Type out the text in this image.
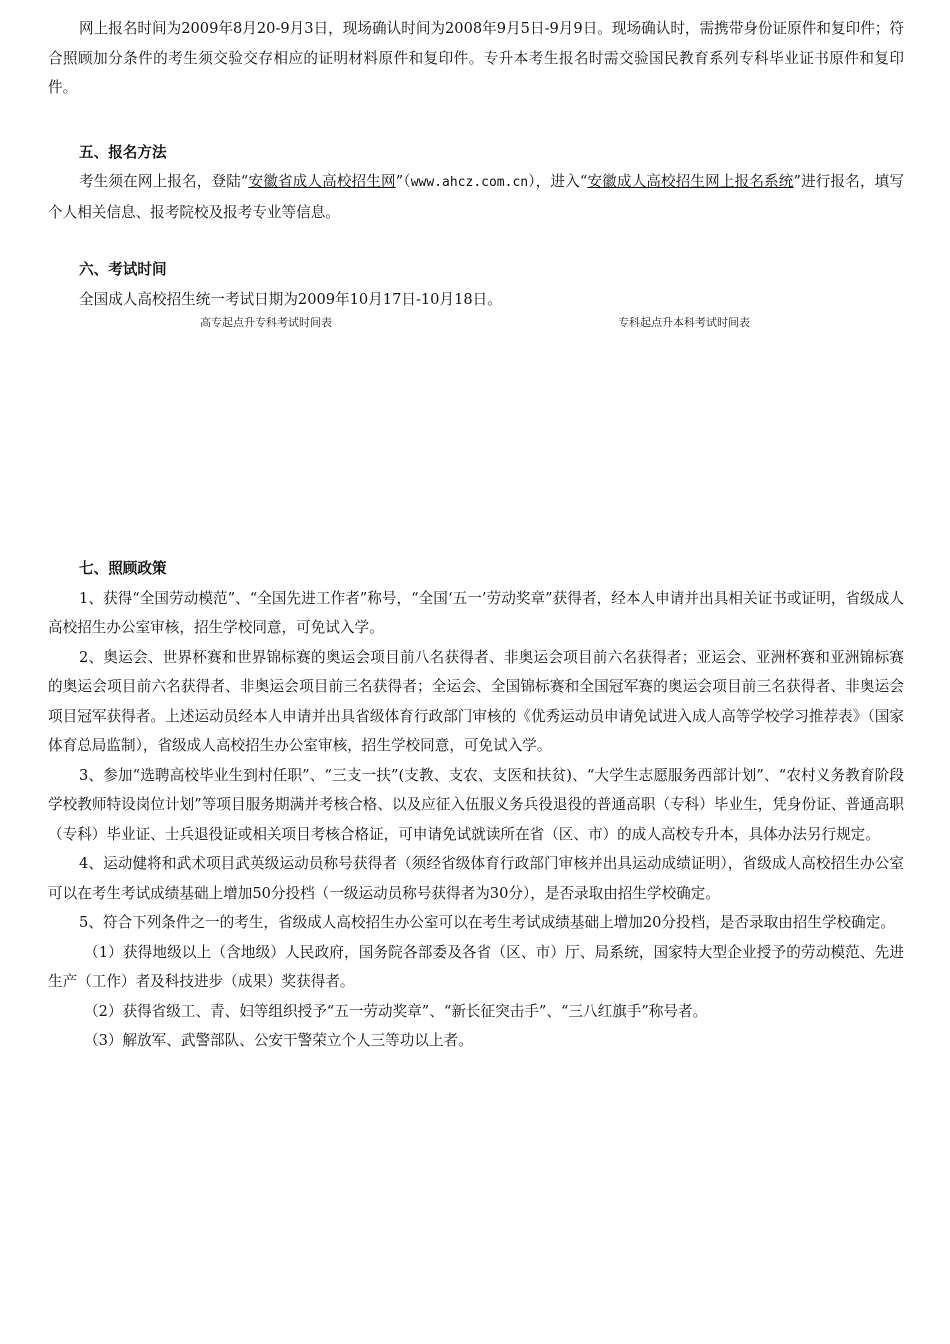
网上报名时间为2009年8月20-9月3日，现场确认时间为2008年9月5日-9月9日。现场确认时，需携带身份证原件和复印件；符合照顾加分条件的考生须交验交存相应的证明材料原件和复印件。专升本考生报名时需交验国民教育系列专科毕业证书原件和复印件。

五、报名方法

考生须在网上报名，登陆“安徽省成人高校招生网”（www.ahcz.com.cn），进入“安徽成人高校招生网上报名系统”进行报名，填写个人相关信息、报考院校及报考专业等信息。

六、考试时间

全国成人高校招生统一考试日期为2009年10月17日-10月18日。

高专起点升专科考试时间表	专科起点升本科考试时间表
七、照顾政策

1、获得“全国劳动模范”、“全国先进工作者”称号，“全国‘五一’劳动奖章”获得者，经本人申请并出具相关证书或证明，省级成人高校招生办公室审核，招生学校同意，可免试入学。

2、奥运会、世界杯赛和世界锦标赛的奥运会项目前八名获得者、非奥运会项目前六名获得者；亚运会、亚洲杯赛和亚洲锦标赛的奥运会项目前六名获得者、非奥运会项目前三名获得者；全运会、全国锦标赛和全国冠军赛的奥运会项目前三名获得者、非奥运会项目冠军获得者。上述运动员经本人申请并出具省级体育行政部门审核的《优秀运动员申请免试进入成人高等学校学习推荐表》（国家体育总局监制），省级成人高校招生办公室审核，招生学校同意，可免试入学。

3、参加“选聘高校毕业生到村任职”、“三支一扶”(支教、支农、支医和扶贫)、“大学生志愿服务西部计划”、“农村义务教育阶段学校教师特设岗位计划”等项目服务期满并考核合格、以及应征入伍服义务兵役退役的普通高职（专科）毕业生，凭身份证、普通高职（专科）毕业证、士兵退役证或相关项目考核合格证，可申请免试就读所在省（区、市）的成人高校专升本，具体办法另行规定。

4、运动健将和武术项目武英级运动员称号获得者（须经省级体育行政部门审核并出具运动成绩证明），省级成人高校招生办公室可以在考生考试成绩基础上增加50分投档（一级运动员称号获得者为30分），是否录取由招生学校确定。

5、符合下列条件之一的考生，省级成人高校招生办公室可以在考生考试成绩基础上增加20分投档，是否录取由招生学校确定。

（1）获得地级以上（含地级）人民政府，国务院各部委及各省（区、市）厅、局系统，国家特大型企业授予的劳动模范、先进生产（工作）者及科技进步（成果）奖获得者。

（2）获得省级工、青、妇等组织授予“五一劳动奖章”、“新长征突击手”、“三八红旗手”称号者。

（3）解放军、武警部队、公安干警荣立个人三等功以上者。
